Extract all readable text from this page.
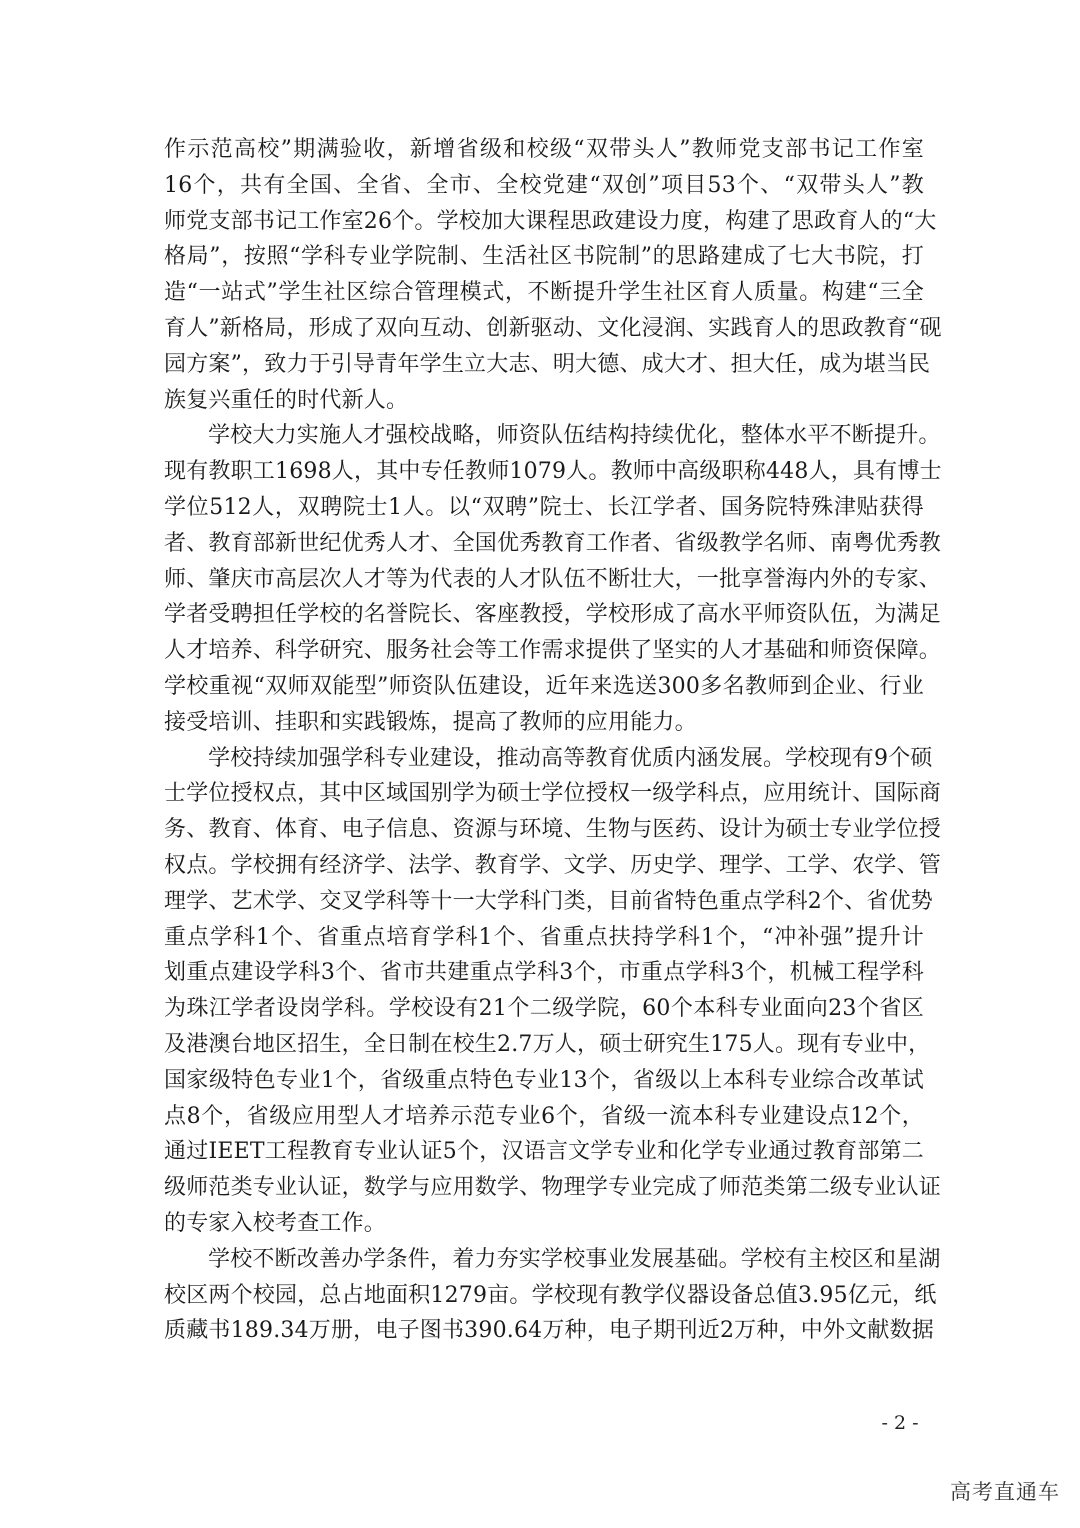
作示范高校”期满验收，新增省级和校级“双带头人”教师党支部书记工作室
16个，共有全国、全省、全市、全校党建“双创”项目53个、“双带头人”教
师党支部书记工作室26个。学校加大课程思政建设力度，构建了思政育人的“大
格局”，按照“学科专业学院制、生活社区书院制”的思路建成了七大书院，打
造“一站式”学生社区综合管理模式，不断提升学生社区育人质量。构建“三全
育人”新格局，形成了双向互动、创新驱动、文化浸润、实践育人的思政教育“砚
园方案”，致力于引导青年学生立大志、明大德、成大才、担大任，成为堪当民
族复兴重任的时代新人。
学校大力实施人才强校战略，师资队伍结构持续优化，整体水平不断提升。
现有教职工1698人，其中专任教师1079人。教师中高级职称448人，具有博士
学位512人，双聘院士1人。以“双聘”院士、长江学者、国务院特殊津贴获得
者、教育部新世纪优秀人才、全国优秀教育工作者、省级教学名师、南粤优秀教
师、肇庆市高层次人才等为代表的人才队伍不断壮大，一批享誉海内外的专家、
学者受聘担任学校的名誉院长、客座教授，学校形成了高水平师资队伍，为满足
人才培养、科学研究、服务社会等工作需求提供了坚实的人才基础和师资保障。
学校重视“双师双能型”师资队伍建设，近年来选送300多名教师到企业、行业
接受培训、挂职和实践锻炼，提高了教师的应用能力。
学校持续加强学科专业建设，推动高等教育优质内涵发展。学校现有9个硕
士学位授权点，其中区域国别学为硕士学位授权一级学科点，应用统计、国际商
务、教育、体育、电子信息、资源与环境、生物与医药、设计为硕士专业学位授
权点。学校拥有经济学、法学、教育学、文学、历史学、理学、工学、农学、管
理学、艺术学、交叉学科等十一大学科门类，目前省特色重点学科2个、省优势
重点学科1个、省重点培育学科1个、省重点扶持学科1个，“冲补强”提升计
划重点建设学科3个、省市共建重点学科3个，市重点学科3个，机械工程学科
为珠江学者设岗学科。学校设有21个二级学院，60个本科专业面向23个省区
及港澳台地区招生，全日制在校生2.7万人，硕士研究生175人。现有专业中，
国家级特色专业1个，省级重点特色专业13个，省级以上本科专业综合改革试
点8个，省级应用型人才培养示范专业6个，省级一流本科专业建设点12个，
通过IEET工程教育专业认证5个，汉语言文学专业和化学专业通过教育部第二
级师范类专业认证，数学与应用数学、物理学专业完成了师范类第二级专业认证
的专家入校考查工作。
学校不断改善办学条件，着力夯实学校事业发展基础。学校有主校区和星湖
校区两个校园，总占地面积1279亩。学校现有教学仪器设备总值3.95亿元，纸
质藏书189.34万册，电子图书390.64万种，电子期刊近2万种，中外文献数据
- 2 -
高考直通车
